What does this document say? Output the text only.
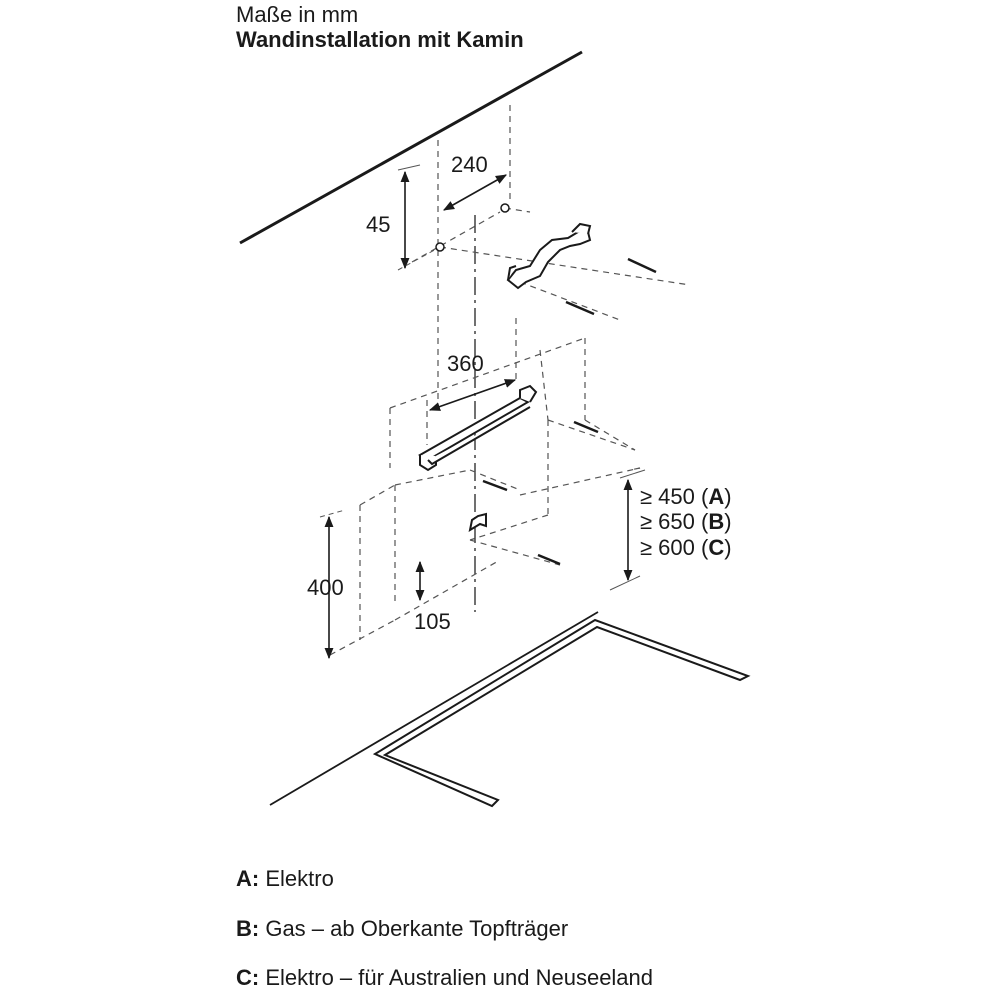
Maße in mm
Wandinstallation mit Kamin
45
240
360
400
105
≥ 450 (A)
≥ 650 (B)
≥ 600 (C)
A: Elektro
B: Gas – ab Oberkante Topfträger
C: Elektro – für Australien und Neuseeland
